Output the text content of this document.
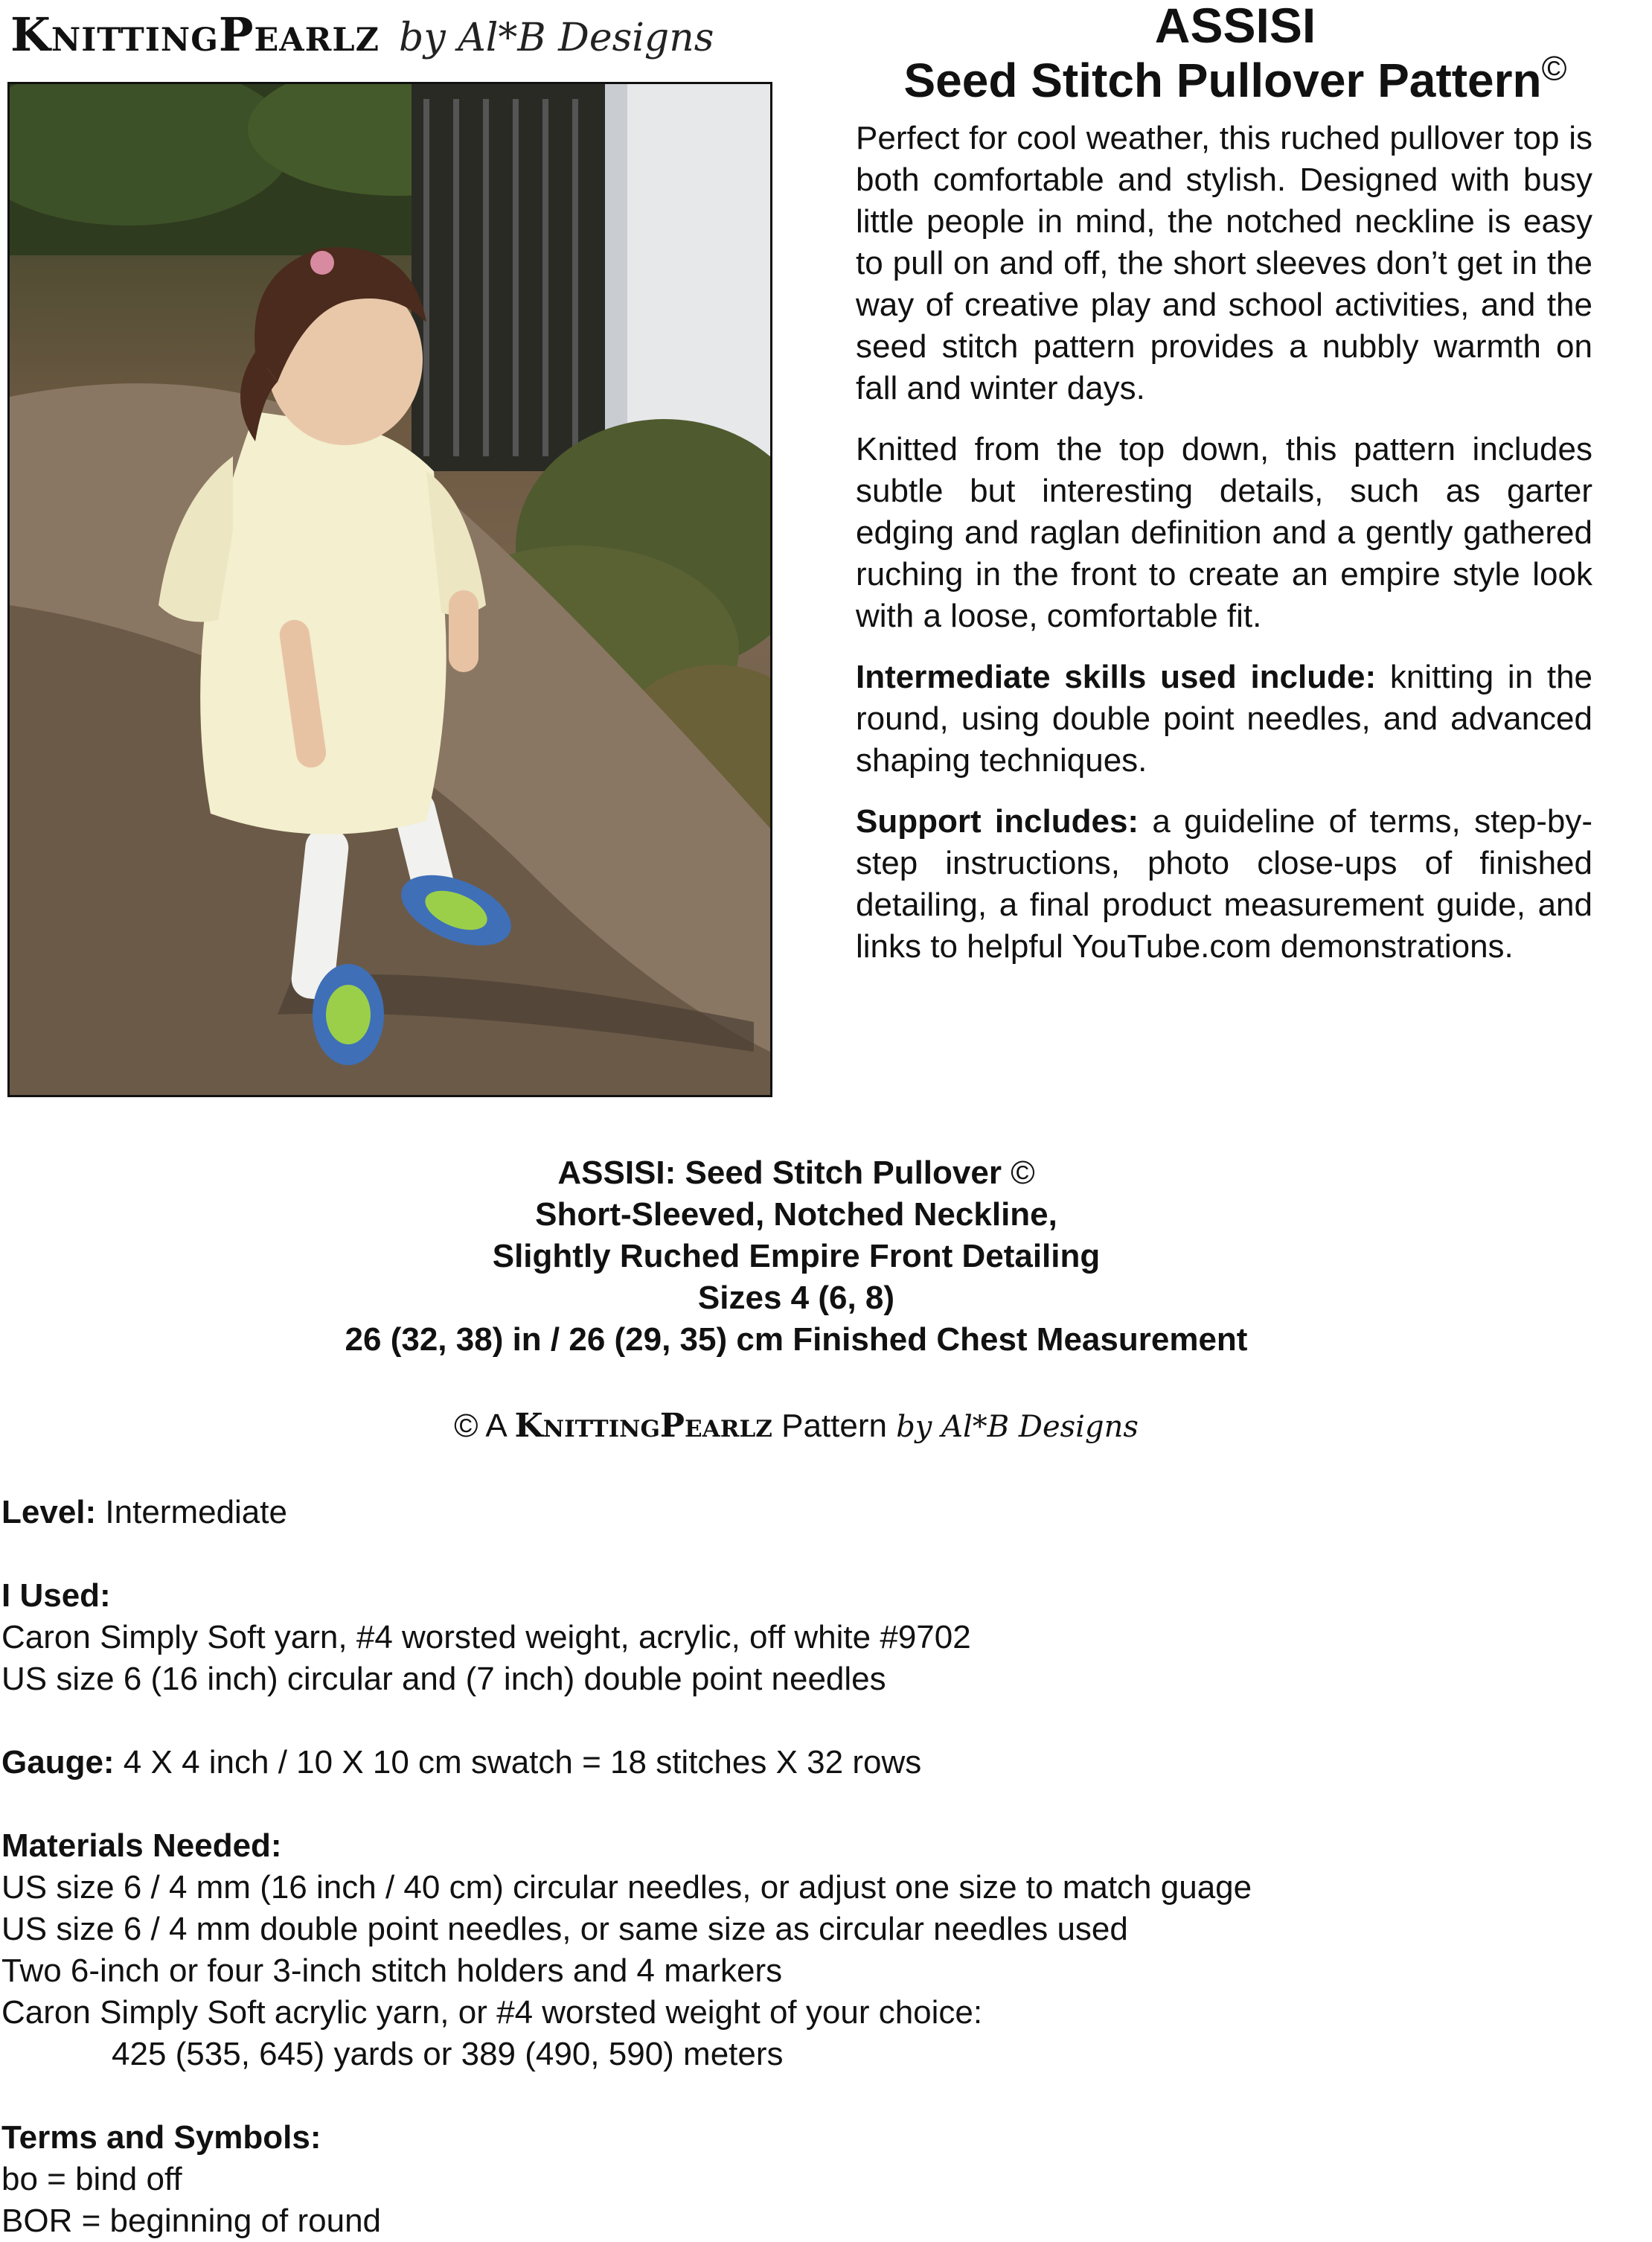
KnittingPearlz by Al*B Designs	ASSISI
Seed Stitch Pullover Pattern©

Perfect for cool weather, this ruched pullover top is both comfortable and stylish. Designed with busy little people in mind, the notched neckline is easy to pull on and off, the short sleeves don’t get in the way of creative play and school activities, and the seed stitch pattern provides a nubbly warmth on fall and winter days.

Knitted from the top down, this pattern includes subtle but interesting details, such as garter edging and raglan definition and a gently gathered ruching in the front to create an empire style look with a loose, comfortable fit.

Intermediate skills used include: knitting in the round, using double point needles, and advanced shaping techniques.

Support includes: a guideline of terms, step-by-step instructions, photo close-ups of finished detailing, a final product measurement guide, and links to helpful YouTube.com demonstrations.

ASSISI: Seed Stitch Pullover ©
Short-Sleeved, Notched Neckline,
Slightly Ruched Empire Front Detailing
Sizes 4 (6, 8)
26 (32, 38) in / 26 (29, 35) cm Finished Chest Measurement
© A KnittingPearlz Pattern by Al*B Designs
Level: Intermediate
I Used:
Caron Simply Soft yarn, #4 worsted weight, acrylic, off white #9702
US size 6 (16 inch) circular and (7 inch) double point needles
Gauge: 4 X 4 inch / 10 X 10 cm swatch = 18 stitches X 32 rows
Materials Needed:
US size 6 / 4 mm (16 inch / 40 cm) circular needles, or adjust one size to match guage
US size 6 / 4 mm double point needles, or same size as circular needles used
Two 6-inch or four 3-inch stitch holders and 4 markers
Caron Simply Soft acrylic yarn, or #4 worsted weight of your choice:
425 (535, 645) yards or 389 (490, 590) meters
Terms and Symbols:
bo = bind off
BOR = beginning of round
